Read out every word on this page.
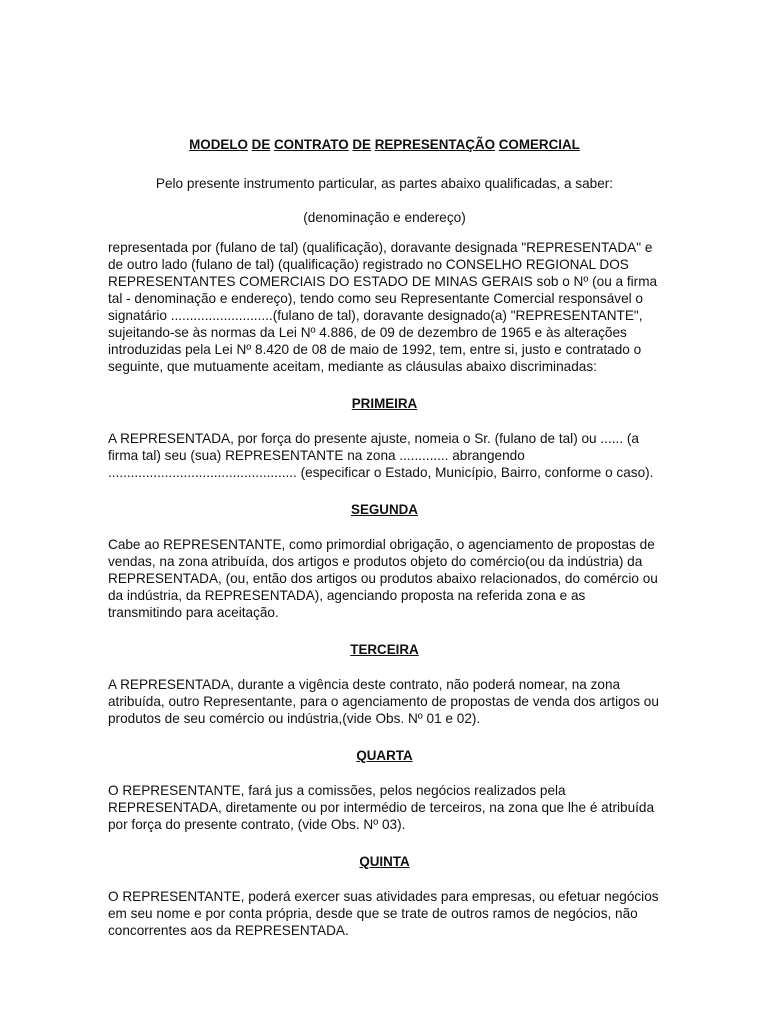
MODELO DE CONTRATO DE REPRESENTAÇÃO COMERCIAL

Pelo presente instrumento particular, as partes abaixo qualificadas, a saber:

(denominação e endereço)

representada por (fulano de tal) (qualificação), doravante designada "REPRESENTADA" e de outro lado (fulano de tal) (qualificação) registrado no CONSELHO REGIONAL DOS REPRESENTANTES COMERCIAIS DO ESTADO DE MINAS GERAIS sob o Nº (ou a firma tal - denominação e endereço), tendo como seu Representante Comercial responsável o signatário ...........................(fulano de tal), doravante designado(a) "REPRESENTANTE", sujeitando-se às normas da Lei Nº 4.886, de 09 de dezembro de 1965 e às alterações introduzidas pela Lei Nº 8.420 de 08 de maio de 1992, tem, entre si, justo e contratado o seguinte, que mutuamente aceitam, mediante as cláusulas abaixo discriminadas:

PRIMEIRA

A REPRESENTADA, por força do presente ajuste, nomeia o Sr. (fulano de tal) ou ...... (a firma tal) seu (sua) REPRESENTANTE na zona ............. abrangendo .................................................. (especificar o Estado, Município, Bairro, conforme o caso).

SEGUNDA

Cabe ao REPRESENTANTE, como primordial obrigação, o agenciamento de propostas de vendas, na zona atribuída, dos artigos e produtos objeto do comércio(ou da indústria) da REPRESENTADA, (ou, então dos artigos ou produtos abaixo relacionados, do comércio ou da indústria, da REPRESENTADA), agenciando proposta na referida zona e as transmitindo para aceitação.

TERCEIRA

A REPRESENTADA, durante a vigência deste contrato, não poderá nomear, na zona atribuída, outro Representante, para o agenciamento de propostas de venda dos artigos ou produtos de seu comércio ou indústria,(vide Obs. Nº 01 e 02).

QUARTA

O REPRESENTANTE, fará jus a comissões, pelos negócios realizados pela REPRESENTADA, diretamente ou por intermédio de terceiros, na zona que lhe é atribuída por força do presente contrato, (vide Obs. Nº 03).

QUINTA

O REPRESENTANTE, poderá exercer suas atividades para empresas, ou efetuar negócios em seu nome e por conta própria, desde que se trate de outros ramos de negócios, não concorrentes aos da REPRESENTADA.
